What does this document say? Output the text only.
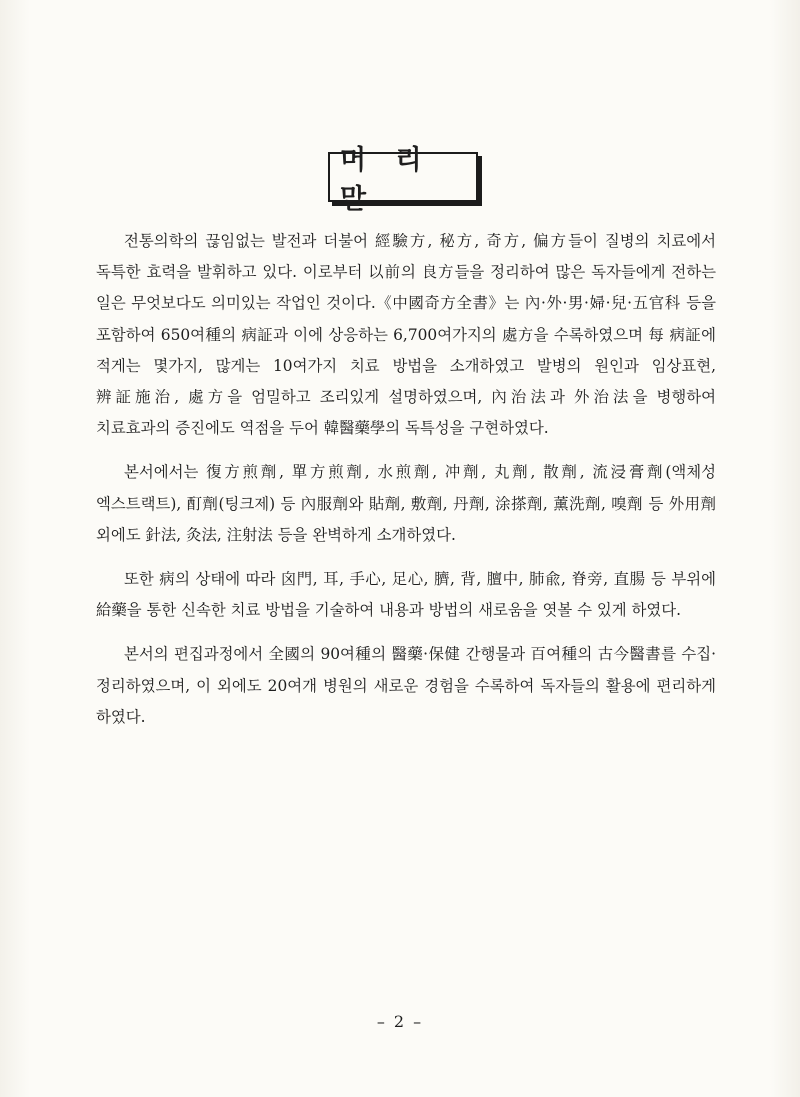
머 리 말

전통의학의 끊임없는 발전과 더불어 經驗方, 秘方, 奇方, 偏方들이 질병의 치료에서 독특한 효력을 발휘하고 있다. 이로부터 以前의 良方들을 정리하여 많은 독자들에게 전하는 일은 무엇보다도 의미있는 작업인 것이다.《中國奇方全書》는 內·外·男·婦·兒·五官科 등을 포함하여 650여種의 病証과 이에 상응하는 6,700여가지의 處方을 수록하였으며 每 病証에 적게는 몇가지, 많게는 10여가지 치료 방법을 소개하였고 발병의 원인과 임상표현, 辨証施治, 處方을 엄밀하고 조리있게 설명하였으며, 內治法과 外治法을 병행하여 치료효과의 증진에도 역점을 두어 韓醫藥學의 독특성을 구현하였다.

본서에서는 復方煎劑, 單方煎劑, 水煎劑, 冲劑, 丸劑, 散劑, 流浸膏劑(액체성 엑스트랙트), 酊劑(팅크제) 등 內服劑와 貼劑, 敷劑, 丹劑, 涂搽劑, 薰洗劑, 嗅劑 등 外用劑 외에도 針法, 灸法, 注射法 등을 완벽하게 소개하였다.

또한 病의 상태에 따라 囟門, 耳, 手心, 足心, 臍, 背, 膻中, 肺兪, 脊旁, 直腸 등 부위에 給藥을 통한 신속한 치료 방법을 기술하여 내용과 방법의 새로움을 엿볼 수 있게 하였다.

본서의 편집과정에서 全國의 90여種의 醫藥·保健 간행물과 百여種의 古今醫書를 수집·정리하였으며, 이 외에도 20여개 병원의 새로운 경험을 수록하여 독자들의 활용에 편리하게 하였다.

– 2 –
